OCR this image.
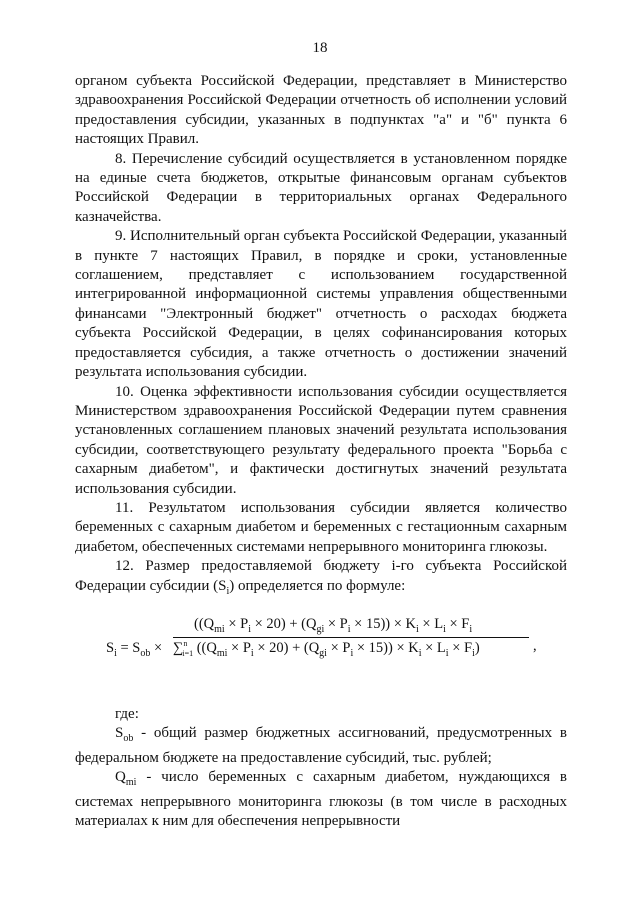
18

органом субъекта Российской Федерации, представляет в Министерство здравоохранения Российской Федерации отчетность об исполнении условий предоставления субсидии, указанных в подпунктах "а" и "б" пункта 6 настоящих Правил.

8. Перечисление субсидий осуществляется в установленном порядке на единые счета бюджетов, открытые финансовым органам субъектов Российской Федерации в территориальных органах Федерального казначейства.

9. Исполнительный орган субъекта Российской Федерации, указанный в пункте 7 настоящих Правил, в порядке и сроки, установленные соглашением, представляет с использованием государственной интегрированной информационной системы управления общественными финансами "Электронный бюджет" отчетность о расходах бюджета субъекта Российской Федерации, в целях софинансирования которых предоставляется субсидия, а также отчетность о достижении значений результата использования субсидии.

10. Оценка эффективности использования субсидии осуществляется Министерством здравоохранения Российской Федерации путем сравнения установленных соглашением плановых значений результата использования субсидии, соответствующего результату федерального проекта "Борьба с сахарным диабетом", и фактически достигнутых значений результата использования субсидии.

11. Результатом использования субсидии является количество беременных с сахарным диабетом и беременных с гестационным сахарным диабетом, обеспеченных системами непрерывного мониторинга глюкозы.

12. Размер предоставляемой бюджету i-го субъекта Российской Федерации субсидии $(S_i)$ определяется по формуле:

$S_i = S_{ob}$ ×
$((Q_{mi} \times P_i \times 20) + (Q_{gi} \times P_i \times 15)) \times K_i \times L_i \times F_i$
∑$^n_{i=1}$ $((Q_{mi} \times P_i \times 20) + (Q_{gi} \times P_i \times 15)) \times K_i \times L_i \times F_i$)	,

где:

$S_{ob}$ - общий размер бюджетных ассигнований, предусмотренных в федеральном бюджете на предоставление субсидий, тыс. рублей;

$Q_{mi}$ - число беременных с сахарным диабетом, нуждающихся в системах непрерывного мониторинга глюкозы (в том числе в расходных материалах к ним для обеспечения непрерывности
